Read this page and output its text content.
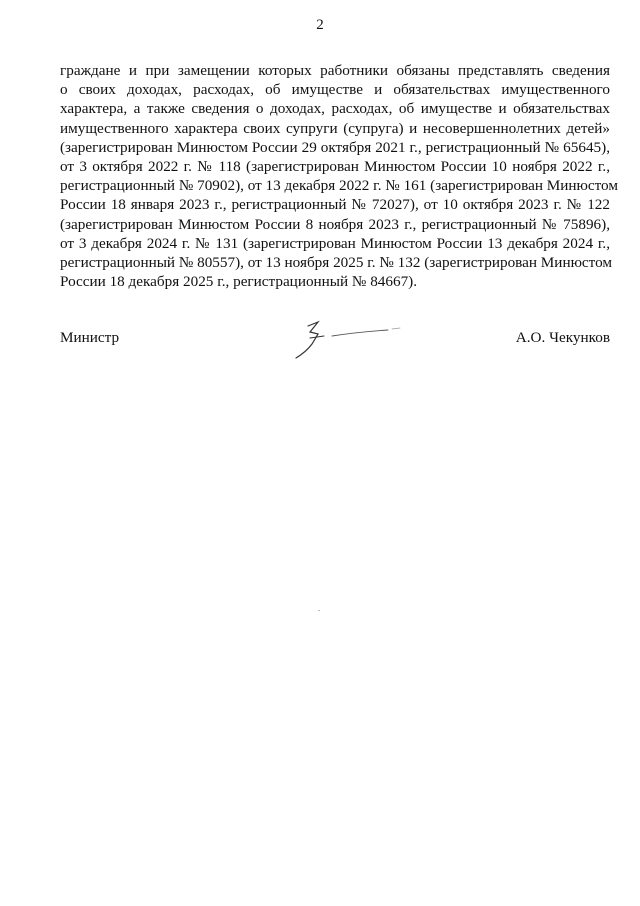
2
граждане и при замещении которых работники обязаны представлять сведения
о своих доходах, расходах, об имуществе и обязательствах имущественного
характера, а также сведения о доходах, расходах, об имуществе и обязательствах
имущественного характера своих супруги (супруга) и несовершеннолетних детей»
(зарегистрирован Минюстом России 29 октября 2021 г., регистрационный № 65645),
от 3 октября 2022 г. № 118 (зарегистрирован Минюстом России 10 ноября 2022 г.,
регистрационный № 70902), от 13 декабря 2022 г. № 161 (зарегистрирован Минюстом
России 18 января 2023 г., регистрационный № 72027), от 10 октября 2023 г. № 122
(зарегистрирован Минюстом России 8 ноября 2023 г., регистрационный № 75896),
от 3 декабря 2024 г. № 131 (зарегистрирован Минюстом России 13 декабря 2024 г.,
регистрационный № 80557), от 13 ноября 2025 г. № 132 (зарегистрирован Минюстом
России 18 декабря 2025 г., регистрационный № 84667).
Министр	А.О. Чекунков
